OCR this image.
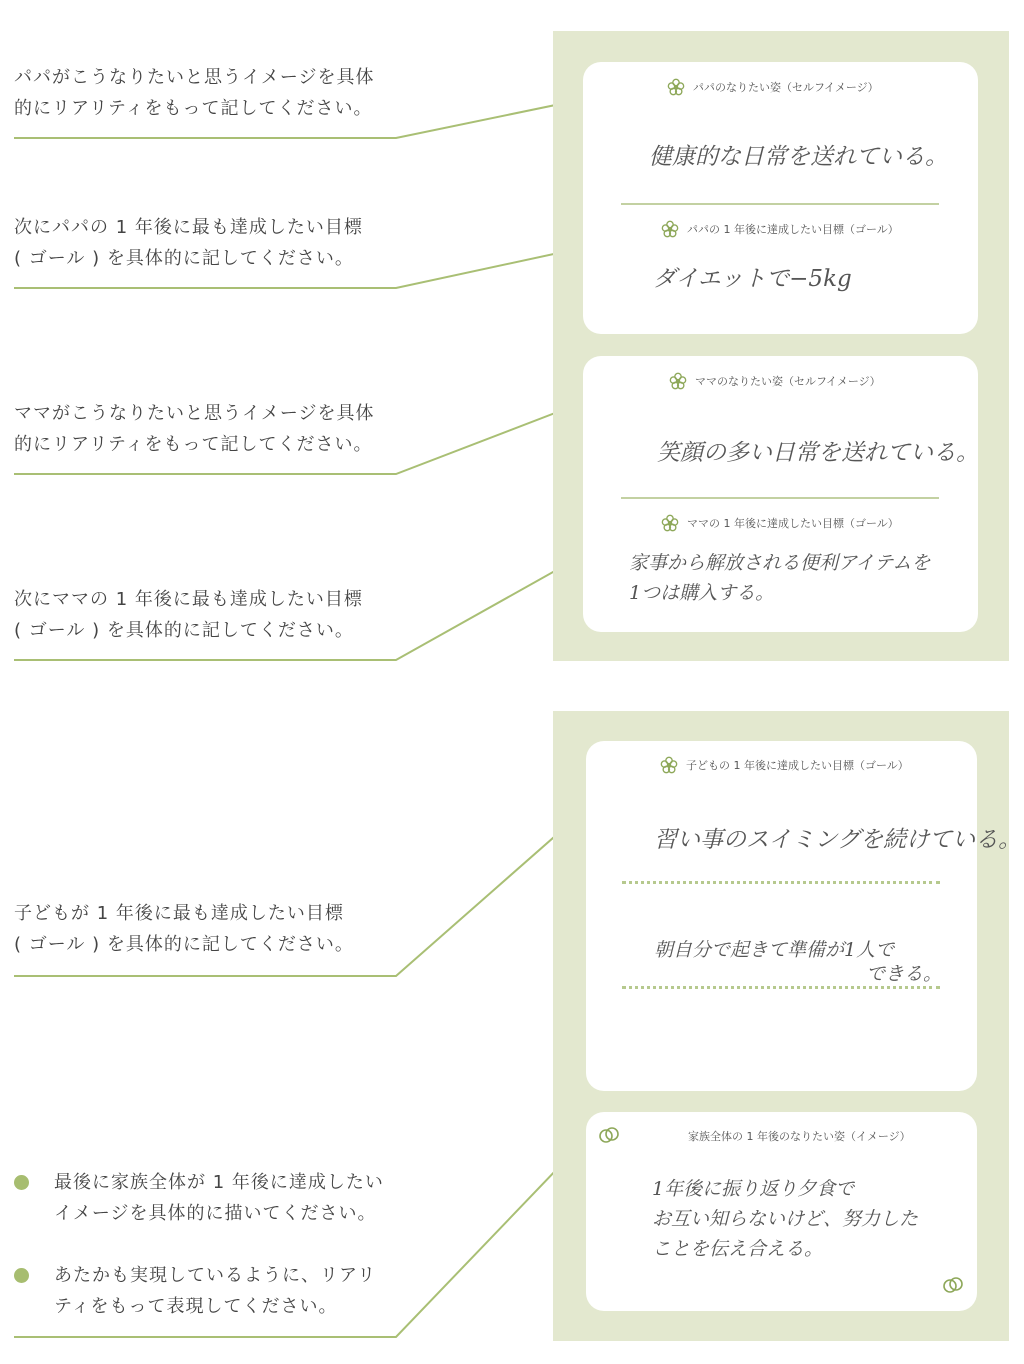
パパがこうなりたいと思うイメージを具体
的にリアリティをもって記してください。
次にパパの 1 年後に最も達成したい目標
( ゴール ) を具体的に記してください。
ママがこうなりたいと思うイメージを具体
的にリアリティをもって記してください。
次にママの 1 年後に最も達成したい目標
( ゴール ) を具体的に記してください。
子どもが 1 年後に最も達成したい目標
( ゴール ) を具体的に記してください。
最後に家族全体が 1 年後に達成したい
イメージを具体的に描いてください。
あたかも実現しているように、リアリ
ティをもって表現してください。
パパのなりたい姿（セルフイメージ）
健康的な日常を送れている。
パパの 1 年後に達成したい目標（ゴール）
ダイエットで−5kg
ママのなりたい姿（セルフイメージ）
笑顔の多い日常を送れている。
ママの 1 年後に達成したい目標（ゴール）
家事から解放される便利アイテムを
1つは購入する。
子どもの 1 年後に達成したい目標（ゴール）
習い事のスイミングを続けている。
朝自分で起きて準備が1人で
できる。
家族全体の 1 年後のなりたい姿（イメージ）
1年後に振り返り夕食で
お互い知らないけど、努力した
ことを伝え合える。
